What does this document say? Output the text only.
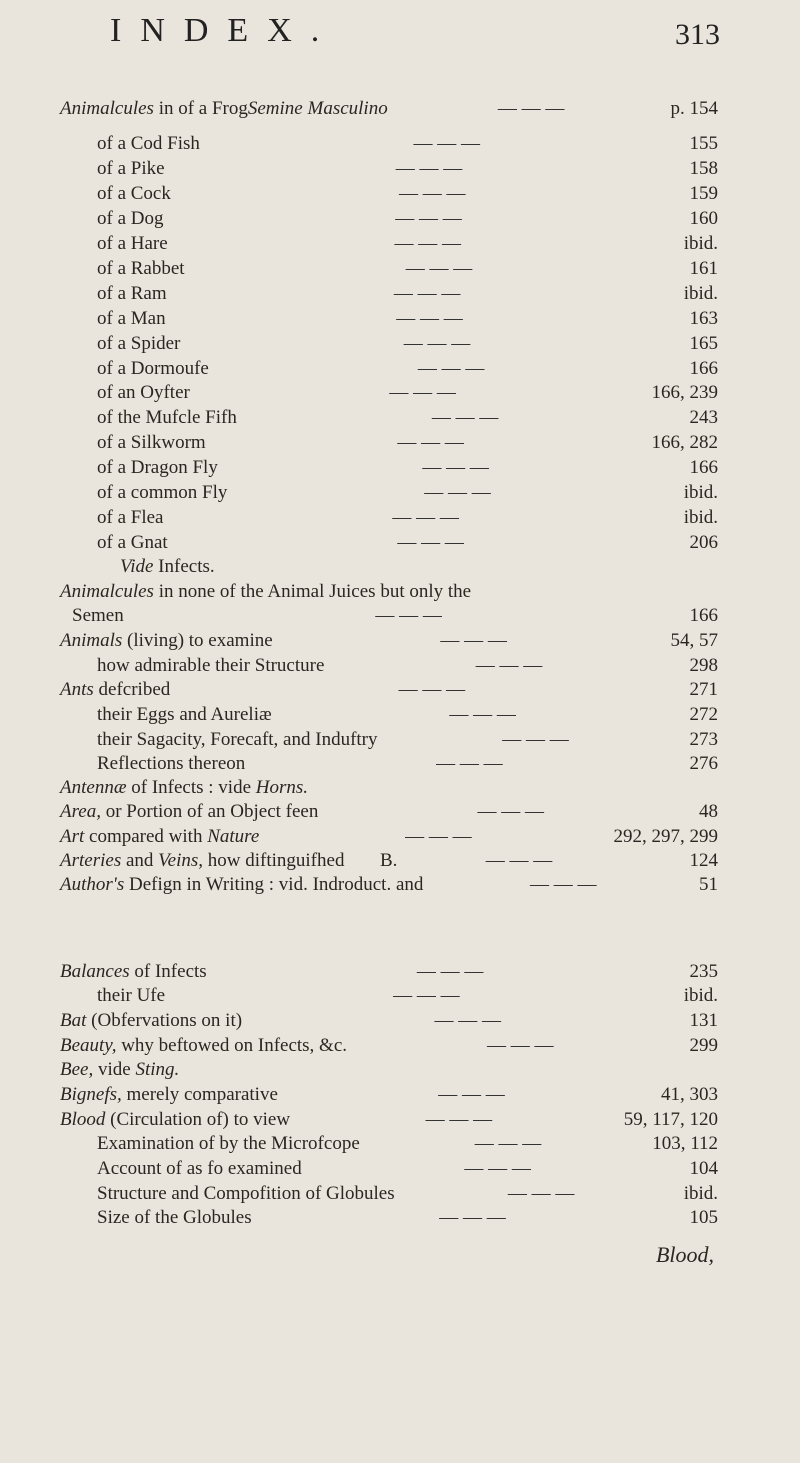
INDEX.	313
Animalcules in of a FrogSemine Masculino	p. 154
— — —
of a Cod Fish	155
— — —
of a Pike	158
— — —
of a Cock	159
— — —
of a Dog	160
— — —
of a Hare	ibid.
— — —
of a Rabbet	161
— — —
of a Ram	ibid.
— — —
of a Man	163
— — —
of a Spider	165
— — —
of a Dormoufe	166
— — —
of an Oyfter	166, 239
— — —
of the Mufcle Fifh	243
— — —
of a Silkworm	166, 282
— — —
of a Dragon Fly	166
— — —
of a common Fly	ibid.
— — —
of a Flea	ibid.
— — —
of a Gnat	206
— — —
Vide Infects.
Animalcules in none of the Animal Juices but only the
Semen	166
— — —
Animals (living) to examine	54, 57
— — —
how admirable their Structure	298
— — —
Ants defcribed	271
— — —
their Eggs and Aureliæ	272
— — —
their Sagacity, Forecaft, and Induftry	273
— — —
Reflections thereon	276
— — —
Antennæ of Infects : vide Horns.
Area, or Portion of an Object feen	48
— — —
Art compared with Nature	292, 297, 299
— — —
Arteries and Veins, how diftinguifhed	124
— — —
Author's Defign in Writing : vid. Indroduct. and	51
— — —
B.
Balances of Infects	235
— — —
their Ufe	ibid.
— — —
Bat (Obfervations on it)	131
— — —
Beauty, why beftowed on Infects, &c.	299
— — —
Bee, vide Sting.
Bignefs, merely comparative	41, 303
— — —
Blood (Circulation of) to view	59, 117, 120
— — —
Examination of by the Microfcope	103, 112
— — —
Account of as fo examined	104
— — —
Structure and Compofition of Globules	ibid.
— — —
Size of the Globules	105
— — —
Blood,
